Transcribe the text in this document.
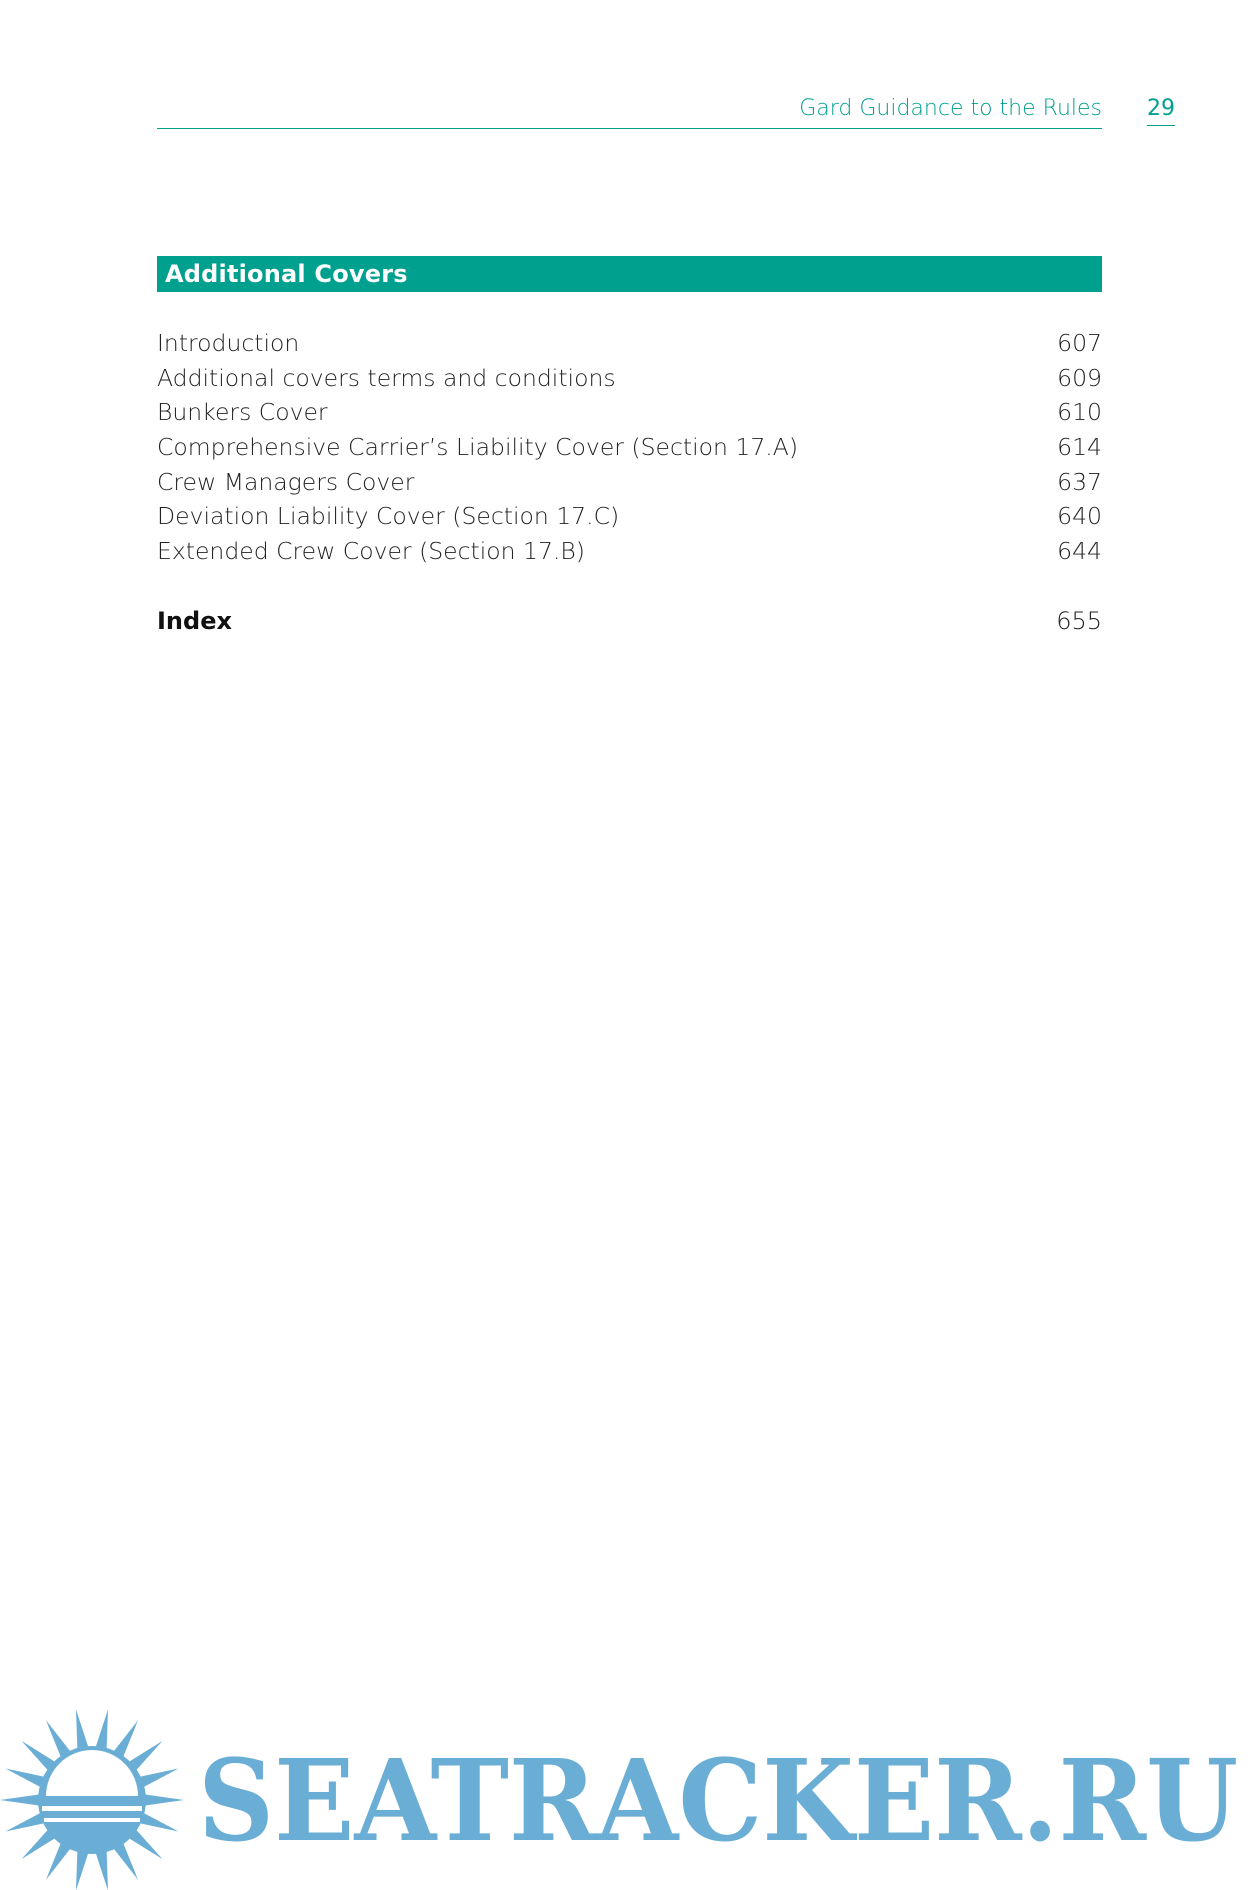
Gard Guidance to the Rules 29
Additional Covers
Introduction	607
Additional covers terms and conditions	609
Bunkers Cover	610
Comprehensive Carrier’s Liability Cover (Section 17.A)	614
Crew Managers Cover	637
Deviation Liability Cover (Section 17.C)	640
Extended Crew Cover (Section 17.B)	644
Index	655
SEATRACKER.RU
